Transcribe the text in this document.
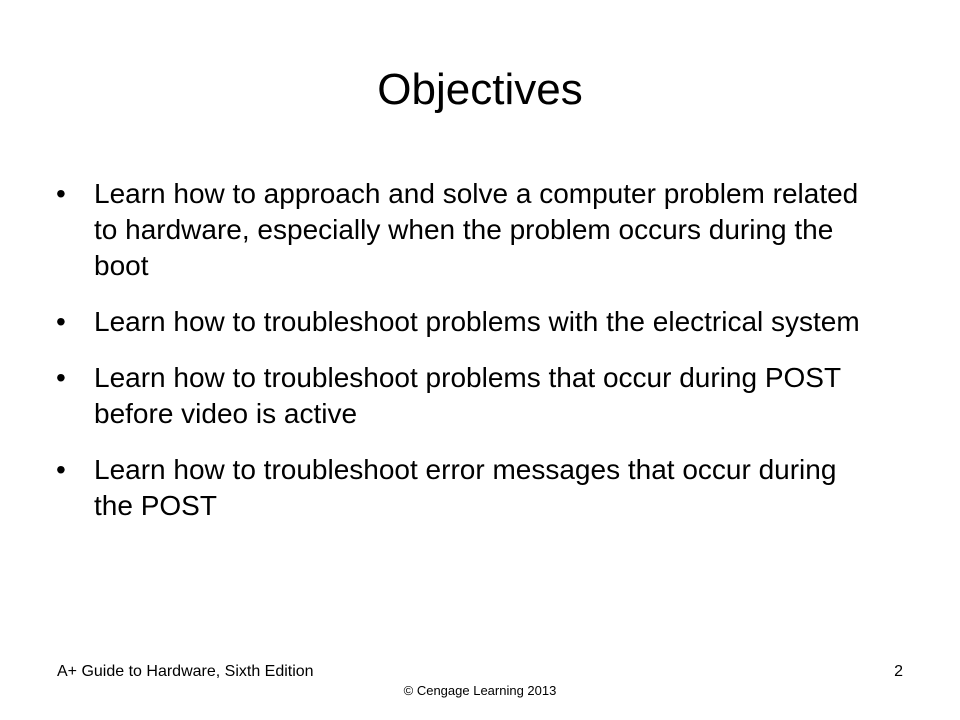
Objectives
•	Learn how to approach and solve a computer problem related to hardware, especially when the problem occurs during the boot
•	Learn how to troubleshoot problems with the electrical system
•	Learn how to troubleshoot problems that occur during POST before video is active
•	Learn how to troubleshoot error messages that occur during the POST
A+ Guide to Hardware, Sixth Edition	2
© Cengage Learning 2013
